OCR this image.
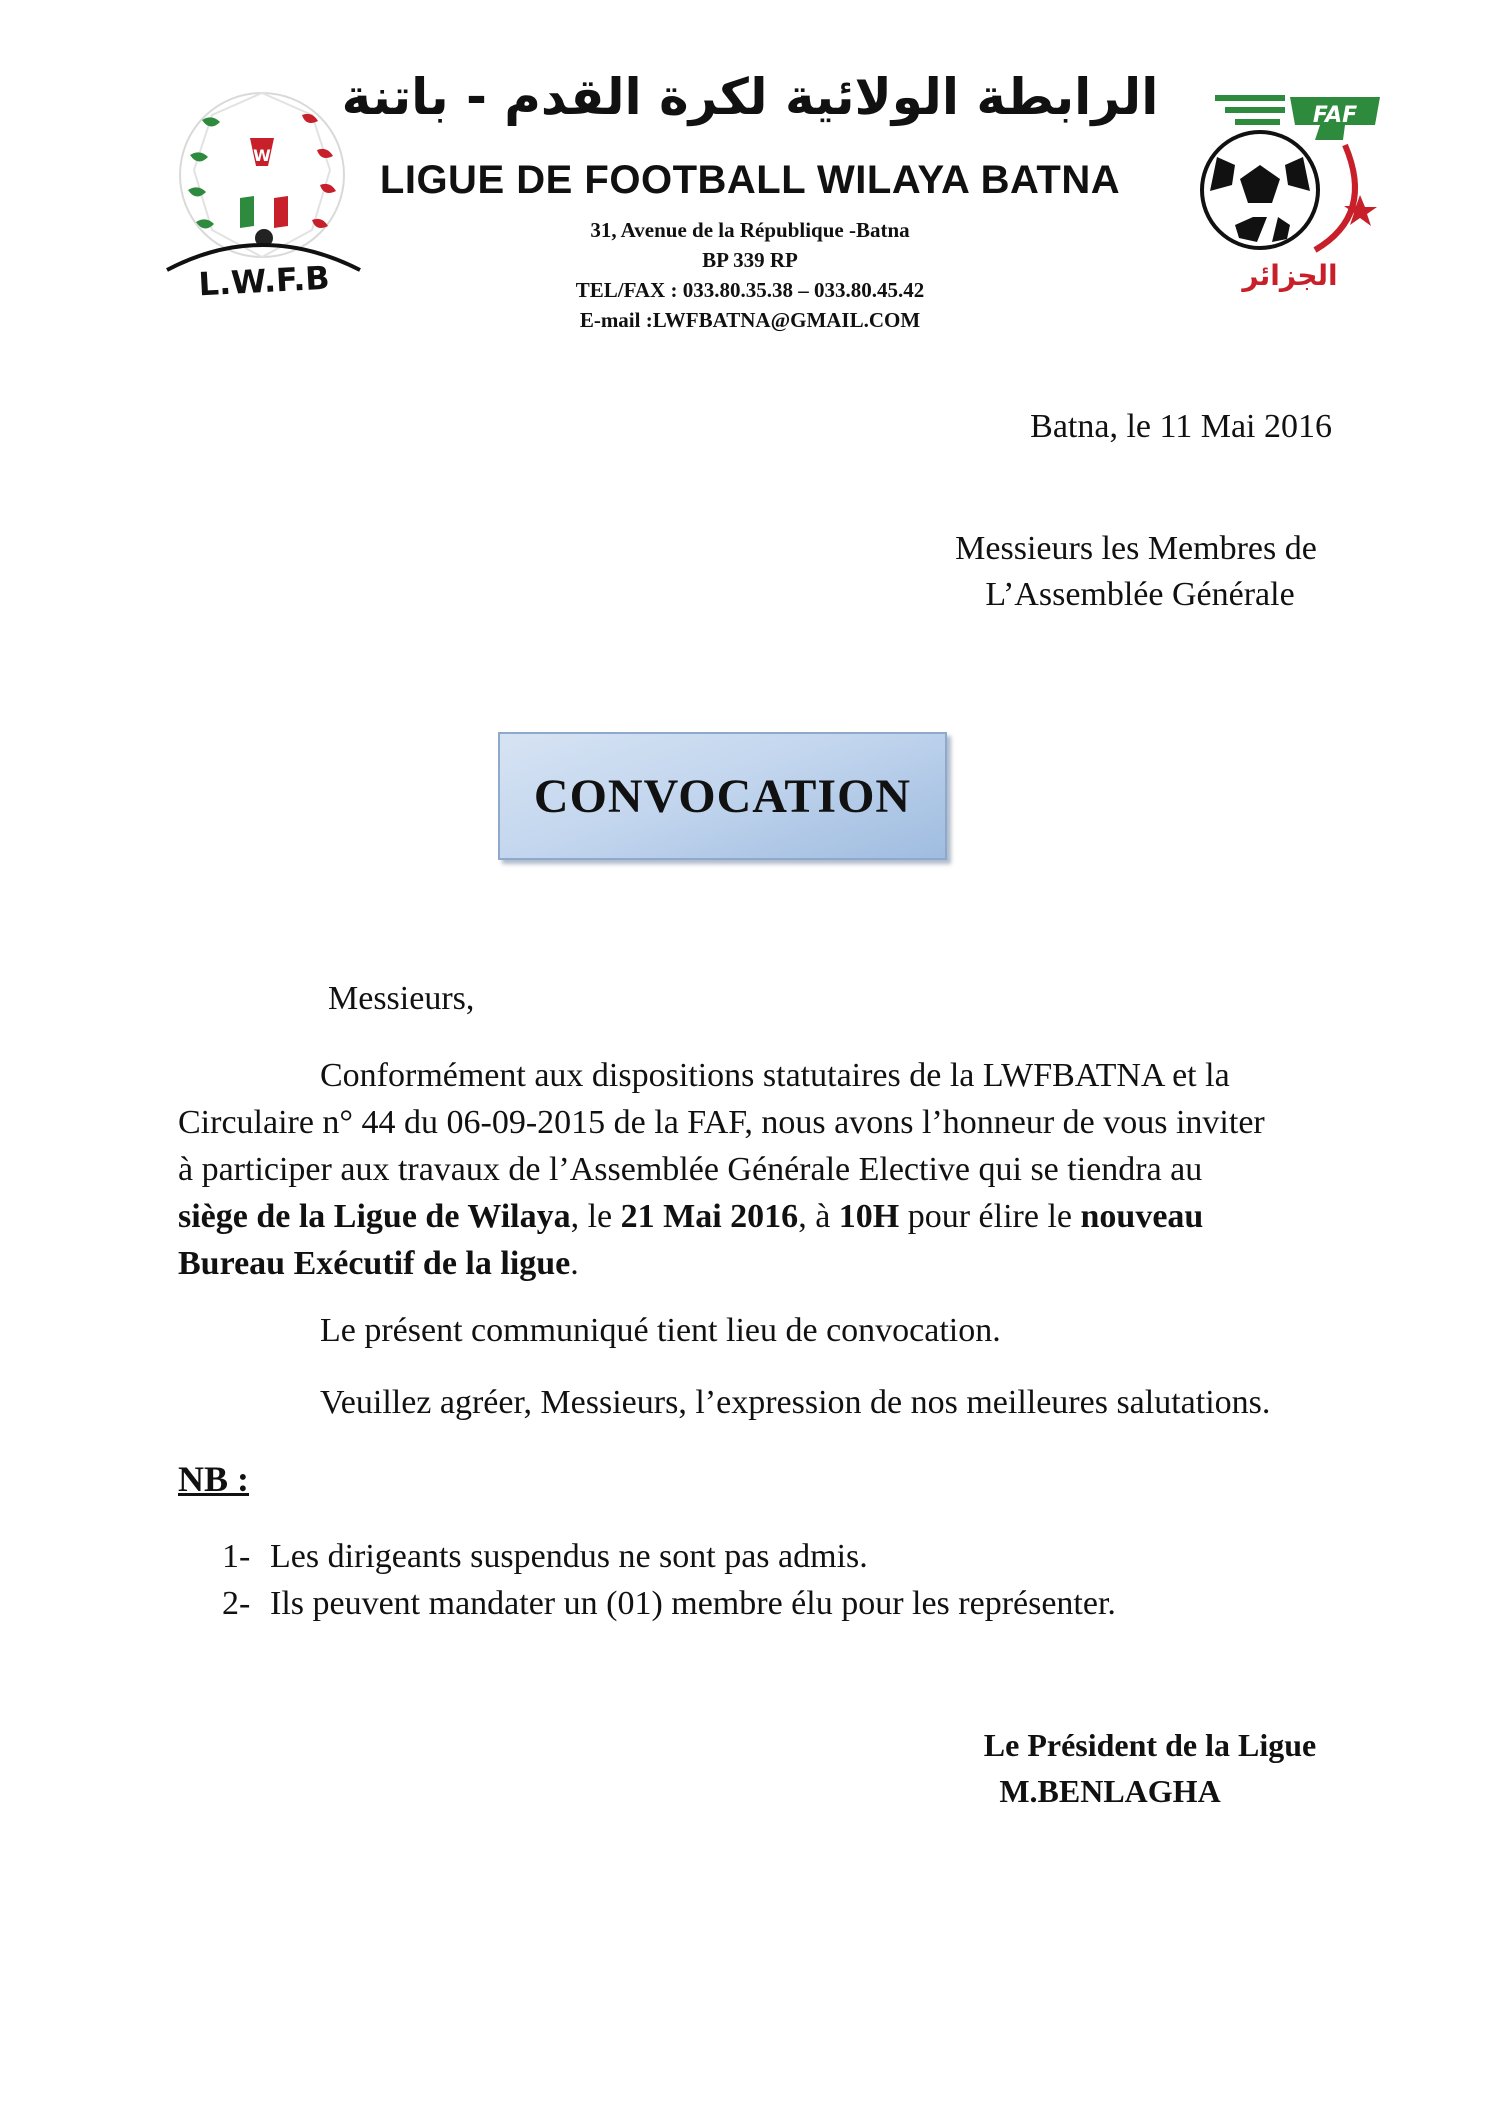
W
L.W.F.B
FAF
الجزائر
الرابطة الولائية لكرة القدم - باتنة
LIGUE DE FOOTBALL WILAYA BATNA
31, Avenue de la République -Batna
BP 339 RP
TEL/FAX : 033.80.35.38 – 033.80.45.42
E-mail :LWFBATNA@GMAIL.COM
Batna, le 11 Mai 2016
Messieurs les Membres de
L’Assemblée Générale
CONVOCATION
Messieurs,
Conformément aux dispositions statutaires de la LWFBATNA et la
Circulaire n° 44 du 06-09-2015 de la FAF, nous avons l’honneur de vous inviter
à participer aux travaux de l’Assemblée Générale Elective qui se tiendra au
siège de la Ligue de Wilaya, le 21 Mai 2016, à 10H pour élire le nouveau
Bureau Exécutif de la ligue.
Le présent communiqué tient lieu de convocation.
Veuillez agréer, Messieurs, l’expression de nos meilleures salutations.
NB :
1- Les dirigeants suspendus ne sont pas admis.
2- Ils peuvent mandater un (01) membre élu pour les représenter.
Le Président de la Ligue
M.BENLAGHA
